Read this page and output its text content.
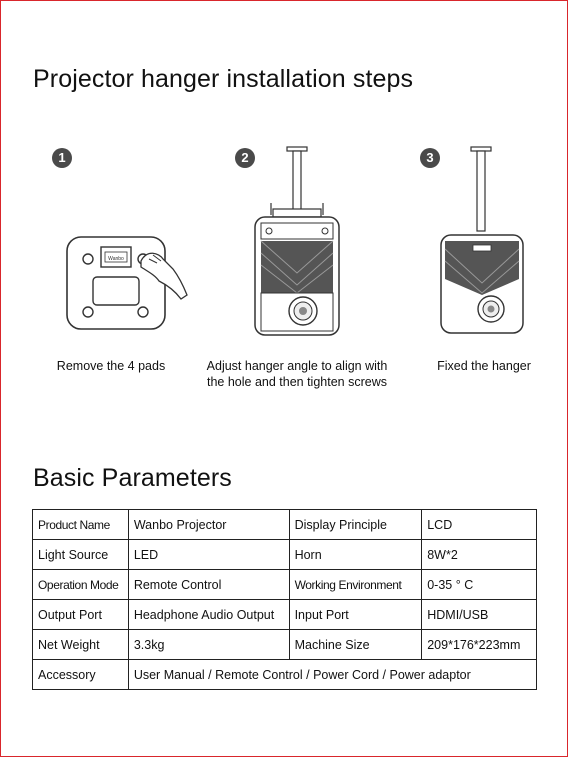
Projector hanger installation steps
1
Wanbo
Remove the 4 pads
2
Adjust hanger angle to align with
the hole and then tighten screws
3
Fixed the hanger
Basic Parameters
Product Name	Wanbo Projector	Display Principle	LCD
Light Source	LED	Horn	8W*2
Operation Mode	Remote Control	Working Environment	0-35 ° C
Output Port	Headphone Audio Output	Input Port	HDMI/USB
Net Weight	3.3kg	Machine Size	209*176*223mm
Accessory	User Manual / Remote Control / Power Cord / Power adaptor		
